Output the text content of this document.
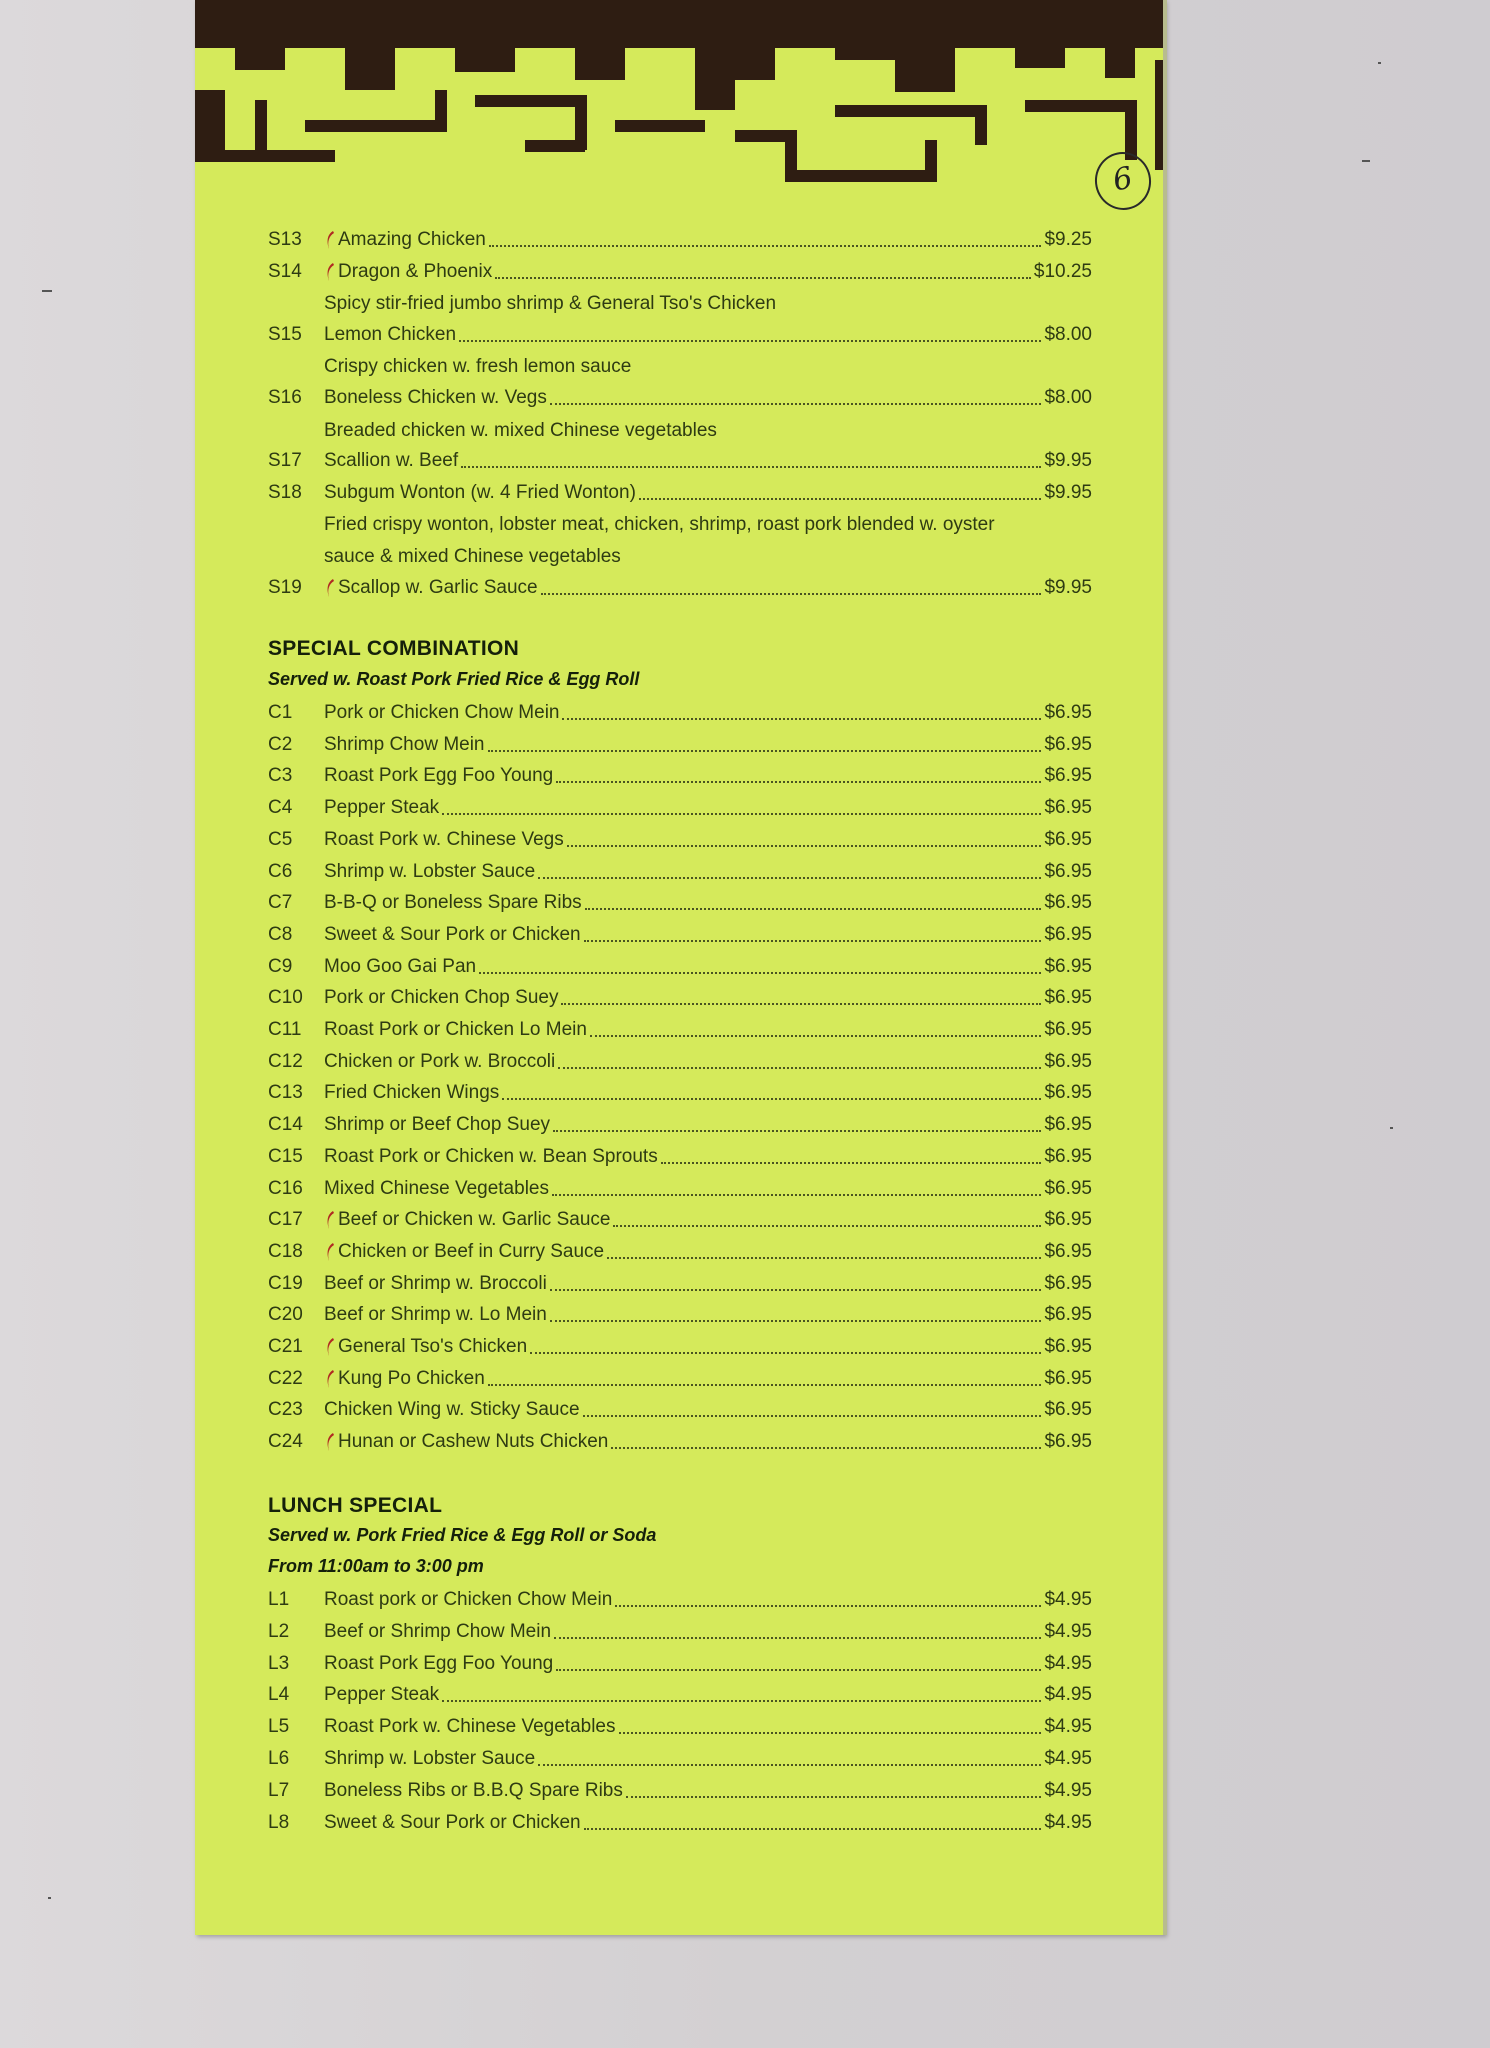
6
S13	Amazing Chicken	$9.25
S14	Dragon & Phoenix	$10.25
Spicy stir-fried jumbo shrimp & General Tso's Chicken
S15	Lemon Chicken	$8.00
Crispy chicken w. fresh lemon sauce
S16	Boneless Chicken w. Vegs	$8.00
Breaded chicken w. mixed Chinese vegetables
S17	Scallion w. Beef	$9.95
S18	Subgum Wonton (w. 4 Fried Wonton)	$9.95
Fried crispy wonton, lobster meat, chicken, shrimp, roast pork blended w. oyster
sauce & mixed Chinese vegetables
S19	Scallop w. Garlic Sauce	$9.95
SPECIAL COMBINATION
Served w. Roast Pork Fried Rice & Egg Roll
C1	Pork or Chicken Chow Mein	$6.95
C2	Shrimp Chow Mein	$6.95
C3	Roast Pork Egg Foo Young	$6.95
C4	Pepper Steak	$6.95
C5	Roast Pork w. Chinese Vegs	$6.95
C6	Shrimp w. Lobster Sauce	$6.95
C7	B-B-Q or Boneless Spare Ribs	$6.95
C8	Sweet & Sour Pork or Chicken	$6.95
C9	Moo Goo Gai Pan	$6.95
C10	Pork or Chicken Chop Suey	$6.95
C11	Roast Pork or Chicken Lo Mein	$6.95
C12	Chicken or Pork w. Broccoli	$6.95
C13	Fried Chicken Wings	$6.95
C14	Shrimp or Beef Chop Suey	$6.95
C15	Roast Pork or Chicken w. Bean Sprouts	$6.95
C16	Mixed Chinese Vegetables	$6.95
C17	Beef or Chicken w. Garlic Sauce	$6.95
C18	Chicken or Beef in Curry Sauce	$6.95
C19	Beef or Shrimp w. Broccoli	$6.95
C20	Beef or Shrimp w. Lo Mein	$6.95
C21	General Tso's Chicken	$6.95
C22	Kung Po Chicken	$6.95
C23	Chicken Wing w. Sticky Sauce	$6.95
C24	Hunan or Cashew Nuts Chicken	$6.95
LUNCH SPECIAL
Served w. Pork Fried Rice & Egg Roll or Soda
From 11:00am to 3:00 pm
L1	Roast pork or Chicken Chow Mein	$4.95
L2	Beef or Shrimp Chow Mein	$4.95
L3	Roast Pork Egg Foo Young	$4.95
L4	Pepper Steak	$4.95
L5	Roast Pork w. Chinese Vegetables	$4.95
L6	Shrimp w. Lobster Sauce	$4.95
L7	Boneless Ribs or B.B.Q Spare Ribs	$4.95
L8	Sweet & Sour Pork or Chicken	$4.95
